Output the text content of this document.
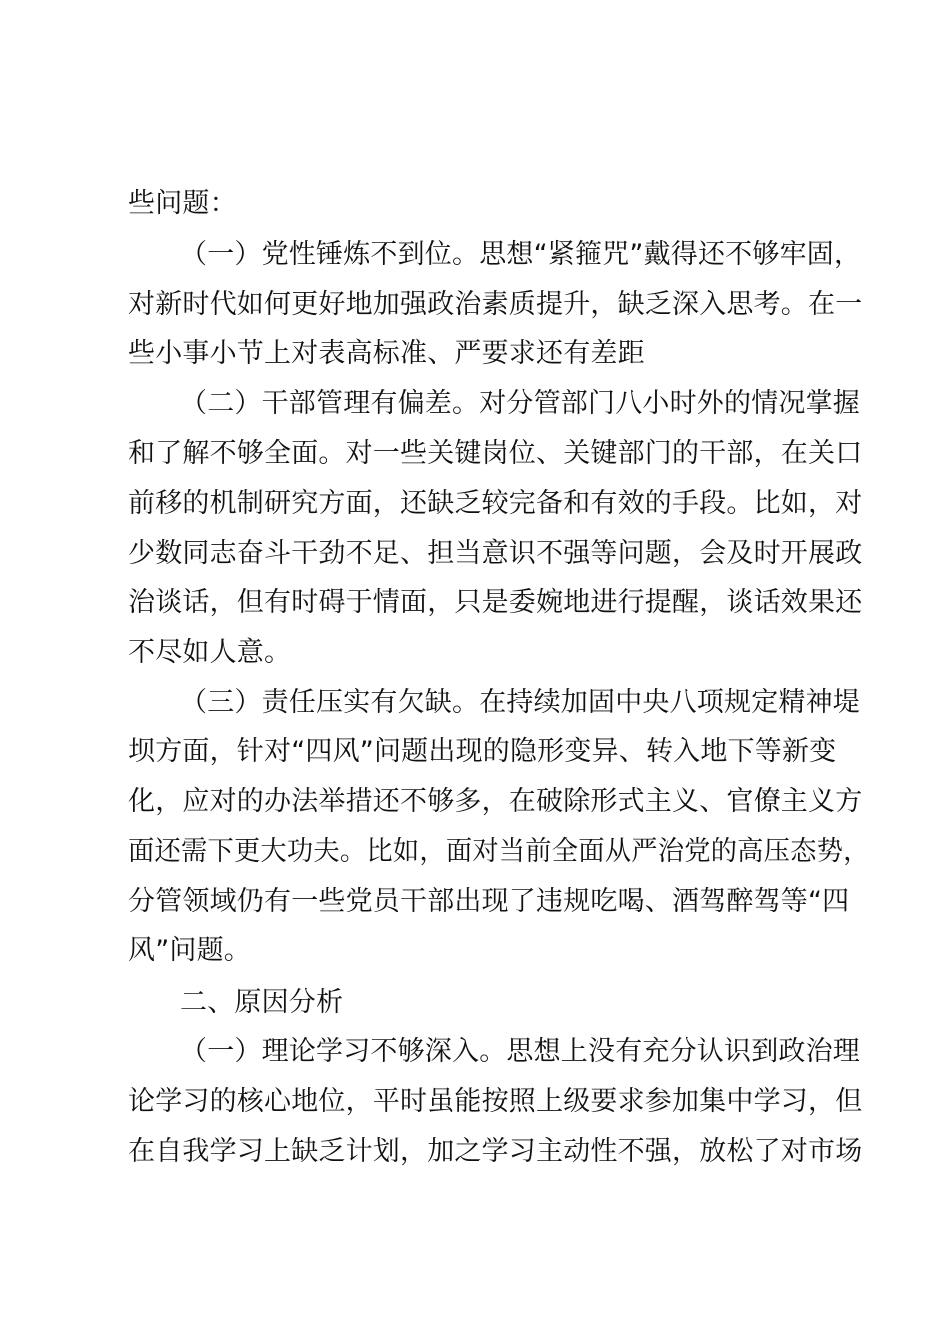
些问题：
（一）党性锤炼不到位。思想“紧箍咒”戴得还不够牢固，
对新时代如何更好地加强政治素质提升，缺乏深入思考。在一
些小事小节上对表高标准、严要求还有差距
（二）干部管理有偏差。对分管部门八小时外的情况掌握
和了解不够全面。对一些关键岗位、关键部门的干部，在关口
前移的机制研究方面，还缺乏较完备和有效的手段。比如，对
少数同志奋斗干劲不足、担当意识不强等问题，会及时开展政
治谈话，但有时碍于情面，只是委婉地进行提醒，谈话效果还
不尽如人意。
（三）责任压实有欠缺。在持续加固中央八项规定精神堤
坝方面，针对“四风”问题出现的隐形变异、转入地下等新变
化，应对的办法举措还不够多，在破除形式主义、官僚主义方
面还需下更大功夫。比如，面对当前全面从严治党的高压态势，
分管领域仍有一些党员干部出现了违规吃喝、酒驾醉驾等“四
风”问题。
二、原因分析
（一）理论学习不够深入。思想上没有充分认识到政治理
论学习的核心地位，平时虽能按照上级要求参加集中学习，但
在自我学习上缺乏计划，加之学习主动性不强，放松了对市场
